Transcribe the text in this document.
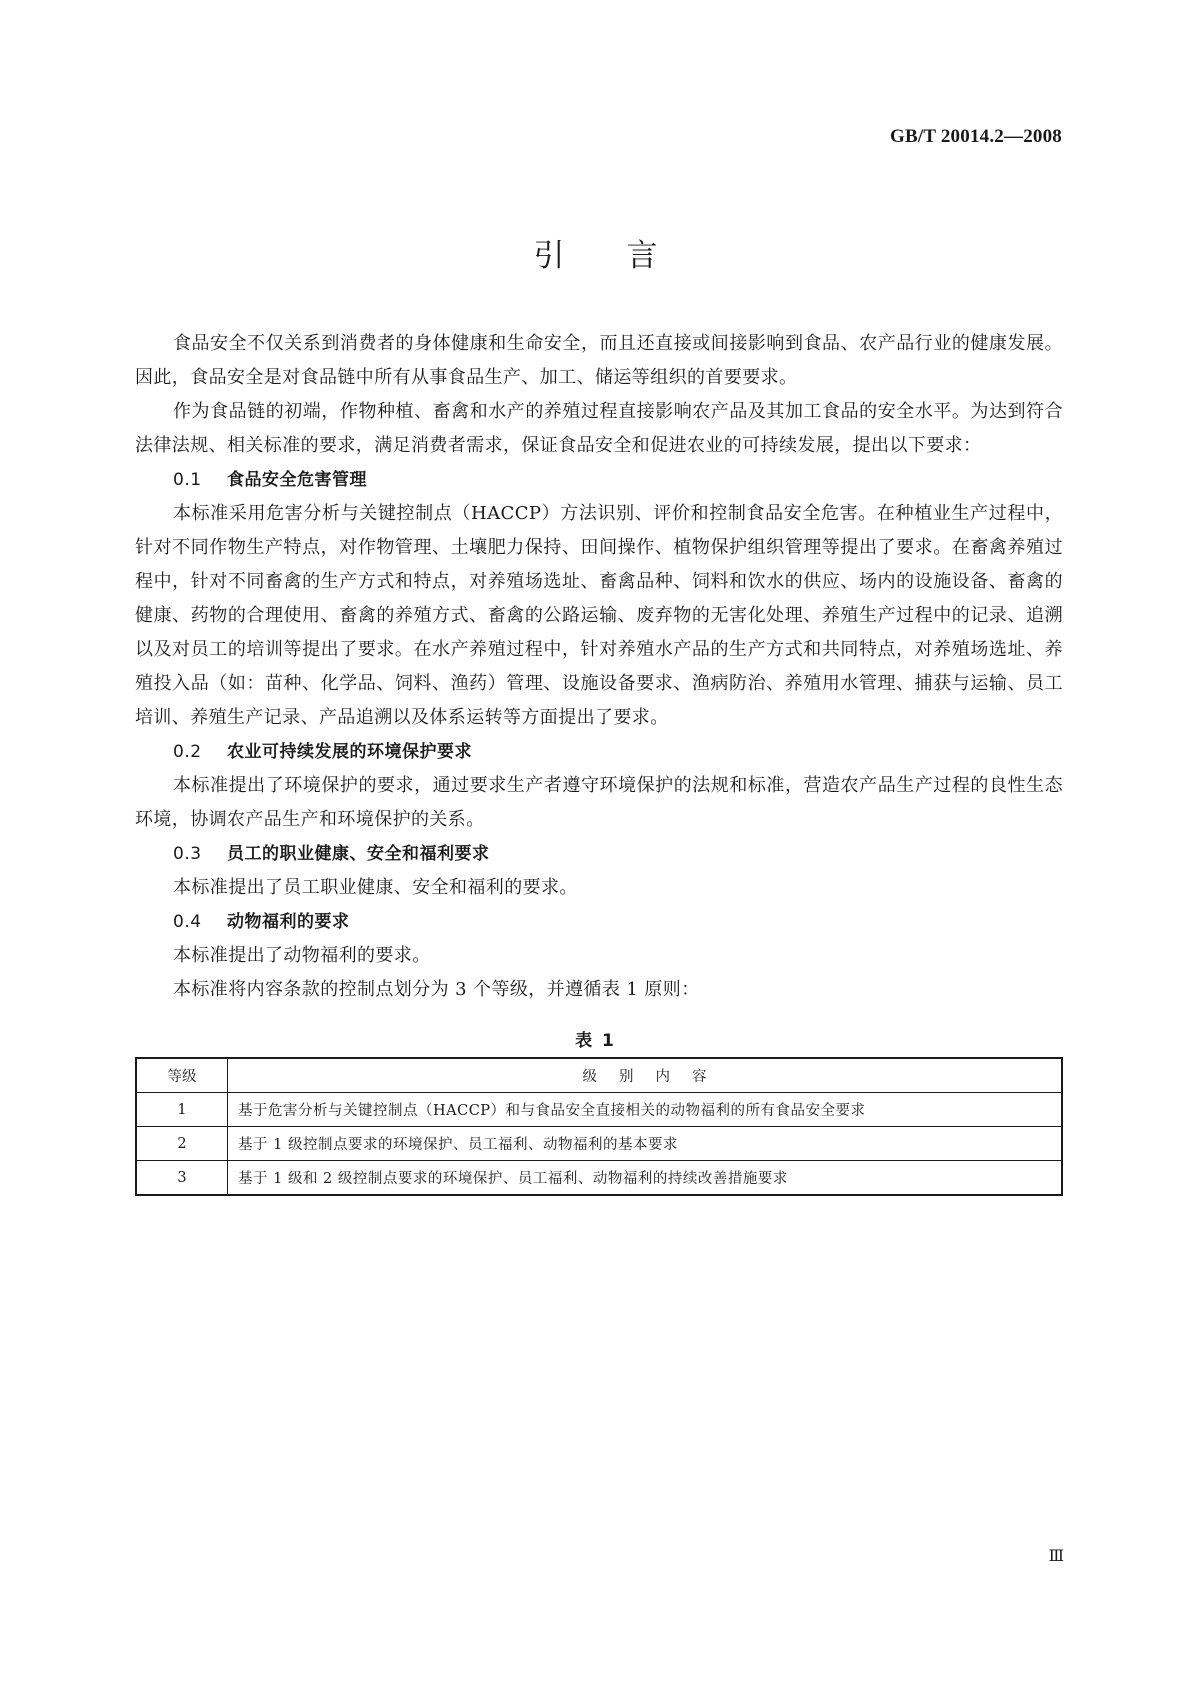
GB/T 20014.2—2008
引言

食品安全不仅关系到消费者的身体健康和生命安全，而且还直接或间接影响到食品、农产品行业的健康发展。因此，食品安全是对食品链中所有从事食品生产、加工、储运等组织的首要要求。

作为食品链的初端，作物种植、畜禽和水产的养殖过程直接影响农产品及其加工食品的安全水平。为达到符合法律法规、相关标准的要求，满足消费者需求，保证食品安全和促进农业的可持续发展，提出以下要求：

0.1 食品安全危害管理

本标准采用危害分析与关键控制点（HACCP）方法识别、评价和控制食品安全危害。在种植业生产过程中，针对不同作物生产特点，对作物管理、土壤肥力保持、田间操作、植物保护组织管理等提出了要求。在畜禽养殖过程中，针对不同畜禽的生产方式和特点，对养殖场选址、畜禽品种、饲料和饮水的供应、场内的设施设备、畜禽的健康、药物的合理使用、畜禽的养殖方式、畜禽的公路运输、废弃物的无害化处理、养殖生产过程中的记录、追溯以及对员工的培训等提出了要求。在水产养殖过程中，针对养殖水产品的生产方式和共同特点，对养殖场选址、养殖投入品（如：苗种、化学品、饲料、渔药）管理、设施设备要求、渔病防治、养殖用水管理、捕获与运输、员工培训、养殖生产记录、产品追溯以及体系运转等方面提出了要求。

0.2 农业可持续发展的环境保护要求

本标准提出了环境保护的要求，通过要求生产者遵守环境保护的法规和标准，营造农产品生产过程的良性生态环境，协调农产品生产和环境保护的关系。

0.3 员工的职业健康、安全和福利要求

本标准提出了员工职业健康、安全和福利的要求。

0.4 动物福利的要求

本标准提出了动物福利的要求。

本标准将内容条款的控制点划分为 3 个等级，并遵循表 1 原则：

表 1
等级	级别内容
1	基于危害分析与关键控制点（HACCP）和与食品安全直接相关的动物福利的所有食品安全要求
2	基于 1 级控制点要求的环境保护、员工福利、动物福利的基本要求
3	基于 1 级和 2 级控制点要求的环境保护、员工福利、动物福利的持续改善措施要求
Ⅲ
